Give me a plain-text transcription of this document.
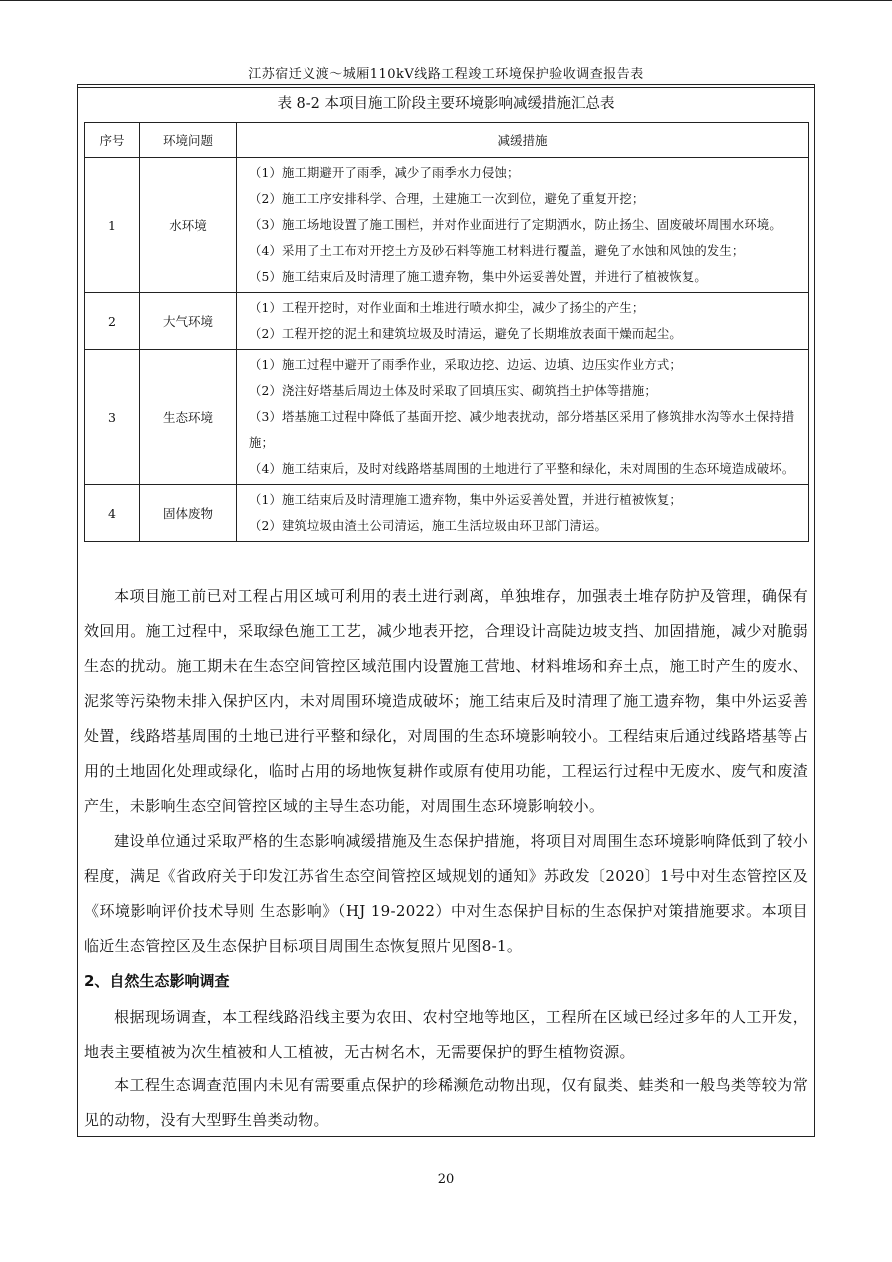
江苏宿迁义渡～城厢110kV线路工程竣工环境保护验收调查报告表
表 8-2 本项目施工阶段主要环境影响减缓措施汇总表
序号	环境问题	减缓措施
1	水环境	（1）施工期避开了雨季，减少了雨季水力侵蚀；
（2）施工工序安排科学、合理，土建施工一次到位，避免了重复开挖；
（3）施工场地设置了施工围栏，并对作业面进行了定期洒水，防止扬尘、固废破坏周围水环境。
（4）采用了土工布对开挖土方及砂石料等施工材料进行覆盖，避免了水蚀和风蚀的发生；
（5）施工结束后及时清理了施工遗弃物，集中外运妥善处置，并进行了植被恢复。

2	大气环境	（1）工程开挖时，对作业面和土堆进行喷水抑尘，减少了扬尘的产生；
（2）工程开挖的泥土和建筑垃圾及时清运，避免了长期堆放表面干燥而起尘。

3	生态环境	（1）施工过程中避开了雨季作业，采取边挖、边运、边填、边压实作业方式；
（2）浇注好塔基后周边土体及时采取了回填压实、砌筑挡土护体等措施；
（3）塔基施工过程中降低了基面开挖、减少地表扰动，部分塔基区采用了修筑排水沟等水土保持措施；
（4）施工结束后，及时对线路塔基周围的土地进行了平整和绿化，未对周围的生态环境造成破坏。

4	固体废物	（1）施工结束后及时清理施工遗弃物，集中外运妥善处置，并进行植被恢复；
（2）建筑垃圾由渣土公司清运，施工生活垃圾由环卫部门清运。
本项目施工前已对工程占用区域可利用的表土进行剥离，单独堆存，加强表土堆存防护及管理，确保有效回用。施工过程中，采取绿色施工工艺，减少地表开挖，合理设计高陡边坡支挡、加固措施，减少对脆弱生态的扰动。施工期未在生态空间管控区域范围内设置施工营地、材料堆场和弃土点，施工时产生的废水、泥浆等污染物未排入保护区内，未对周围环境造成破坏；施工结束后及时清理了施工遗弃物，集中外运妥善处置，线路塔基周围的土地已进行平整和绿化，对周围的生态环境影响较小。工程结束后通过线路塔基等占用的土地固化处理或绿化，临时占用的场地恢复耕作或原有使用功能，工程运行过程中无废水、废气和废渣产生，未影响生态空间管控区域的主导生态功能，对周围生态环境影响较小。
建设单位通过采取严格的生态影响减缓措施及生态保护措施，将项目对周围生态环境影响降低到了较小程度，满足《省政府关于印发江苏省生态空间管控区域规划的通知》苏政发〔2020〕1号中对生态管控区及《环境影响评价技术导则 生态影响》（HJ 19-2022）中对生态保护目标的生态保护对策措施要求。本项目临近生态管控区及生态保护目标项目周围生态恢复照片见图8-1。
2、自然生态影响调查
根据现场调查，本工程线路沿线主要为农田、农村空地等地区，工程所在区域已经过多年的人工开发，地表主要植被为次生植被和人工植被，无古树名木，无需要保护的野生植物资源。
本工程生态调查范围内未见有需要重点保护的珍稀濒危动物出现，仅有鼠类、蛙类和一般鸟类等较为常见的动物，没有大型野生兽类动物。
20
